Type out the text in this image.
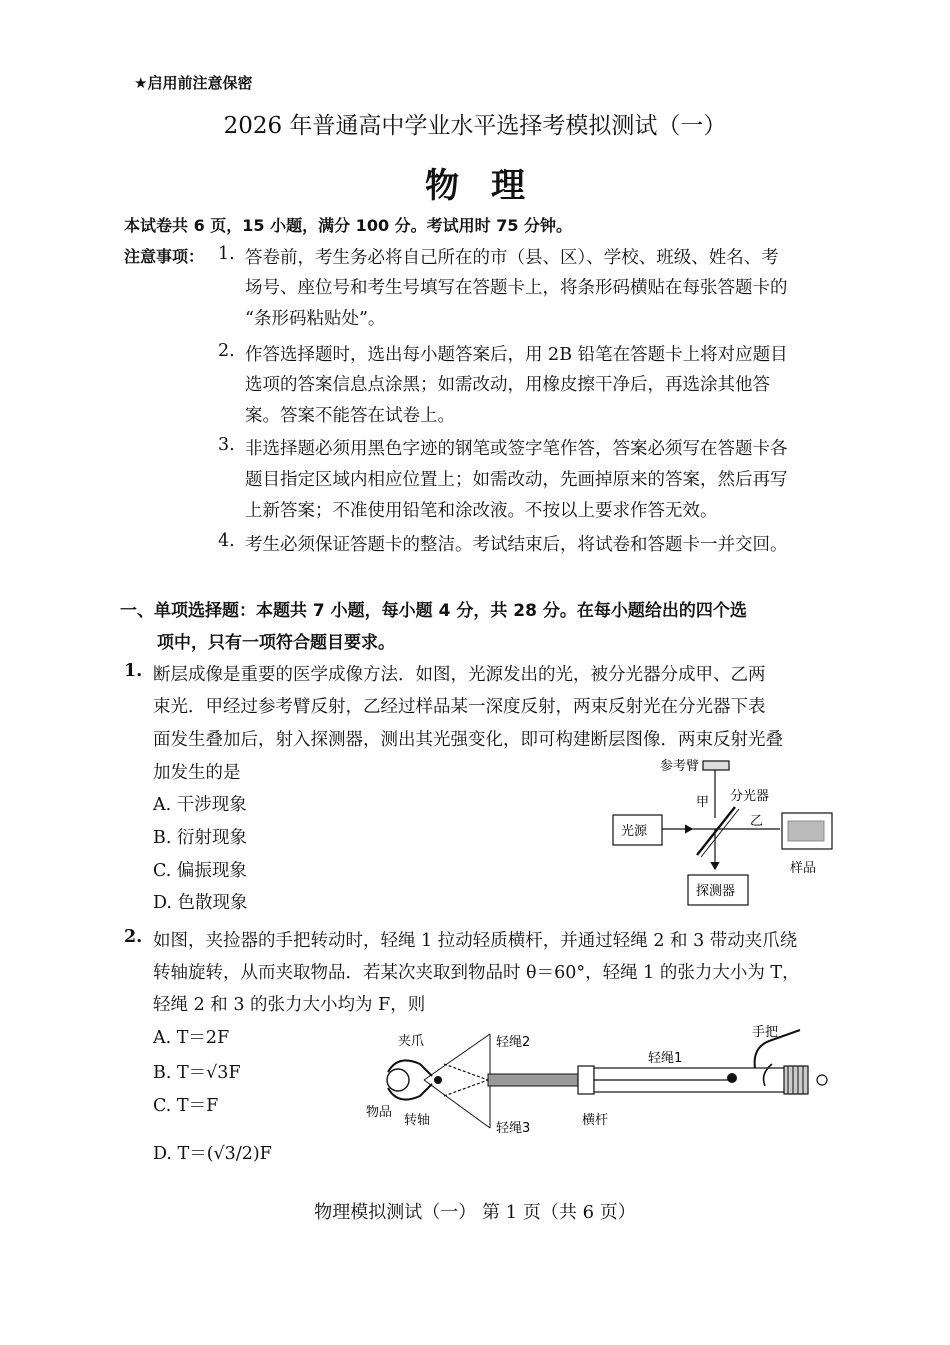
★启用前注意保密
2026 年普通高中学业水平选择考模拟测试（一）
物理
本试卷共 6 页，15 小题，满分 100 分。考试用时 75 分钟。
注意事项： 1. 答卷前，考生务必将自己所在的市（县、区）、学校、班级、姓名、考
场号、座位号和考生号填写在答题卡上，将条形码横贴在每张答题卡的
“条形码粘贴处”。
2. 作答选择题时，选出每小题答案后，用 2B 铅笔在答题卡上将对应题目
选项的答案信息点涂黑；如需改动，用橡皮擦干净后，再选涂其他答
案。答案不能答在试卷上。
3. 非选择题必须用黑色字迹的钢笔或签字笔作答，答案必须写在答题卡各
题目指定区域内相应位置上；如需改动，先画掉原来的答案，然后再写
上新答案；不准使用铅笔和涂改液。不按以上要求作答无效。
4. 考生必须保证答题卡的整洁。考试结束后，将试卷和答题卡一并交回。
一、单项选择题：本题共 7 小题，每小题 4 分，共 28 分。在每小题给出的四个选
项中，只有一项符合题目要求。
1. 断层成像是重要的医学成像方法．如图，光源发出的光，被分光器分成甲、乙两
束光．甲经过参考臂反射，乙经过样品某一深度反射，两束反射光在分光器下表
面发生叠加后，射入探测器，测出其光强变化，即可构建断层图像．两束反射光叠
加发生的是
A. 干涉现象
B. 衍射现象
C. 偏振现象
D. 色散现象
参考臂
甲 分光器
乙
光源
样品
探测器
2. 如图，夹捡器的手把转动时，轻绳 1 拉动轻质横杆，并通过轻绳 2 和 3 带动夹爪绕
转轴旋转，从而夹取物品．若某次夹取到物品时 θ＝60°，轻绳 1 的张力大小为 T，
轻绳 2 和 3 的张力大小均为 F，则
A. T＝2F
B. T＝√3F
C. T＝F
D. T＝(√3/2)F
夹爪	轻绳2
轻绳1
手把
物品
转轴
轻绳3
横杆
物理模拟测试（一） 第 1 页（共 6 页）
